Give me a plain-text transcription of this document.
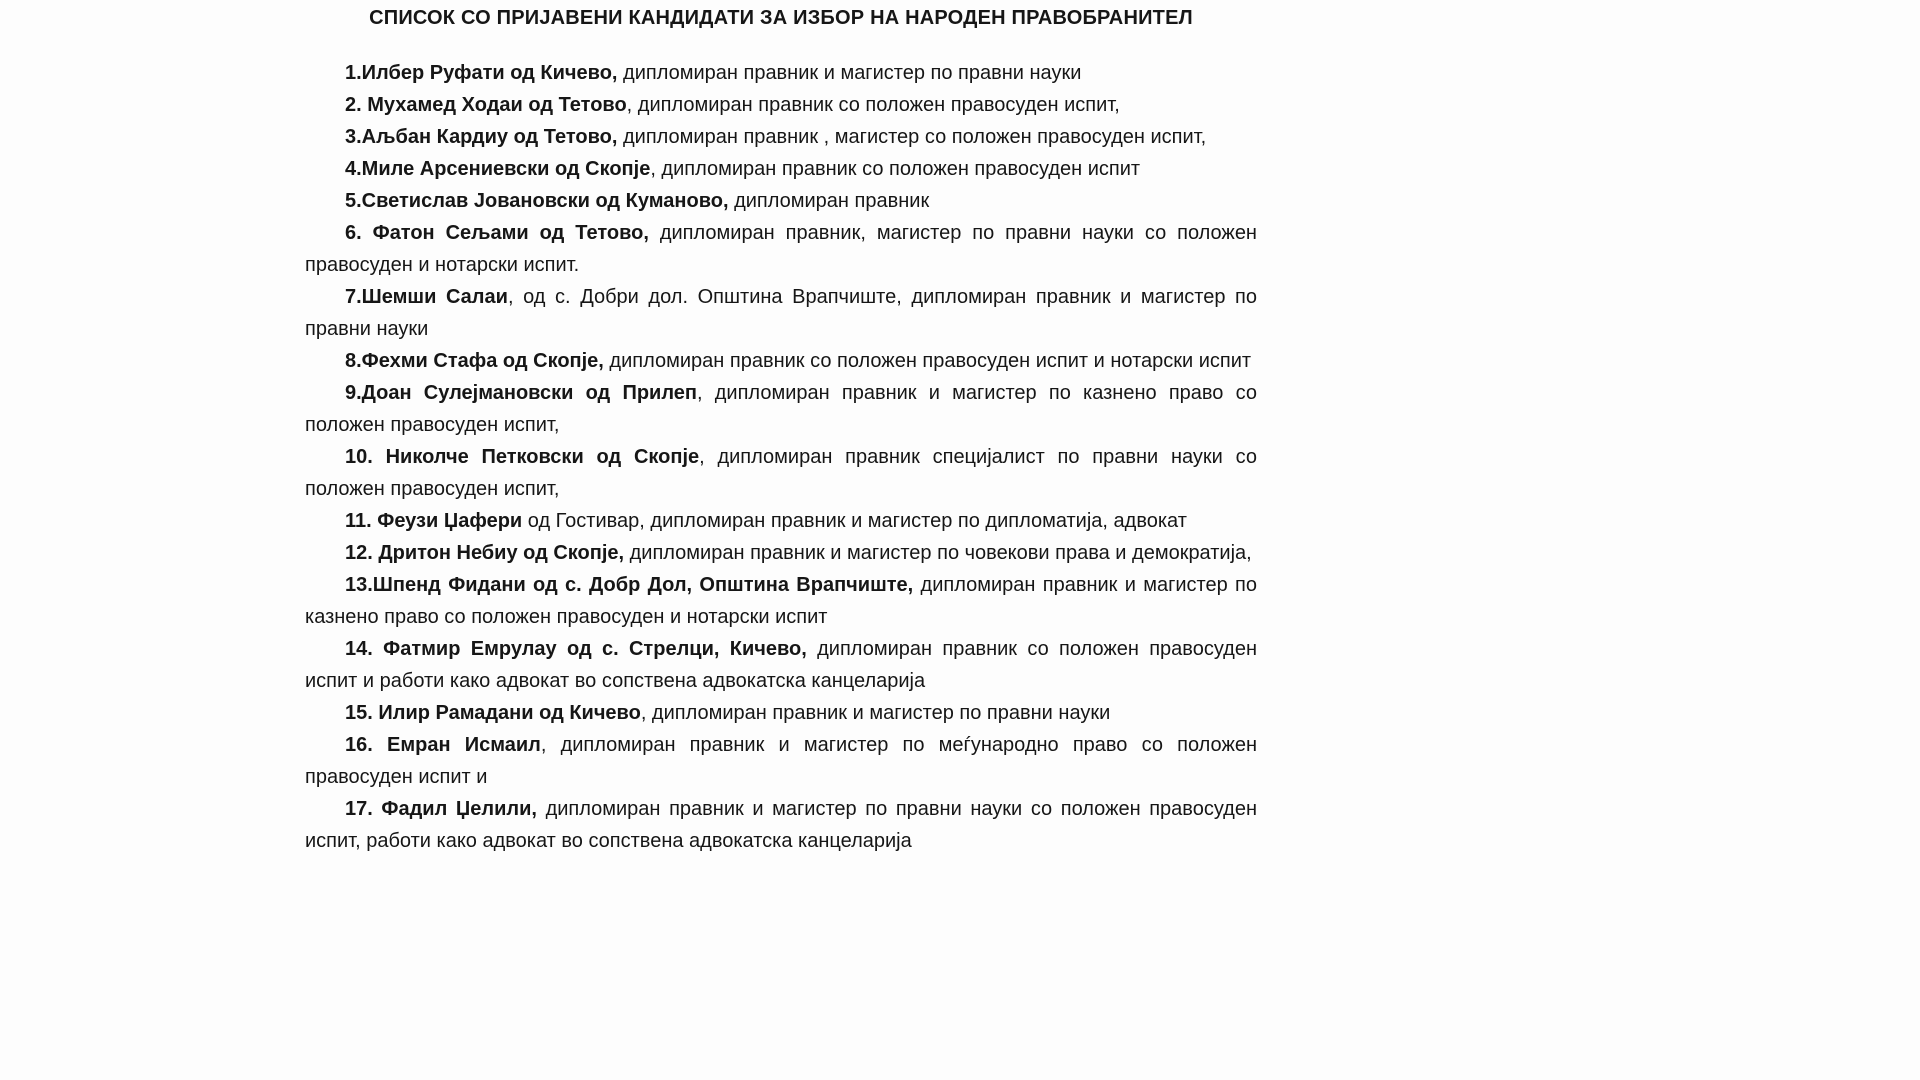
СПИСОК СО ПРИЈАВЕНИ КАНДИДАТИ ЗА ИЗБОР НА НАРОДЕН ПРАВОБРАНИТЕЛ

1.Илбер Руфати од Кичево, дипломиран правник и магистер по правни науки

2. Мухамед Ходаи од Тетово, дипломиран правник со положен правосуден испит,

3.Аљбан Кардиу од Тетово, дипломиран правник , магистер со положен правосуден испит,

4.Миле Арсениевски од Скопје, дипломиран правник со положен правосуден испит

5.Светислав Јовановски од Куманово, дипломиран правник

6. Фатон Сељами од Тетово, дипломиран правник, магистер по правни науки со положен правосуден и нотарски испит.

7.Шемши Салаи, од с. Добри дол. Општина Врапчиште, дипломиран правник и магистер по правни науки

8.Фехми Стафа од Скопје, дипломиран правник со положен правосуден испит и нотарски испит

9.Доан Сулејмановски од Прилеп, дипломиран правник и магистер по казнено право со положен правосуден испит,

10. Николче Петковски од Скопје, дипломиран правник специјалист по правни науки со положен правосуден испит,

11. Феузи Џафери од Гостивар, дипломиран правник и магистер по дипломатија, адвокат

12. Дритон Небиу од Скопје, дипломиран правник и магистер по човекови права и демократија,

13.Шпенд Фидани од с. Добр Дол, Општина Врапчиште, дипломиран правник и магистер по казнено право со положен правосуден и нотарски испит

14. Фатмир Емрулау од с. Стрелци, Кичево, дипломиран правник со положен правосуден испит и работи како адвокат во сопствена адвокатска канцеларија

15. Илир Рамадани од Кичево, дипломиран правник и магистер по правни науки

16. Емран Исмаил, дипломиран правник и магистер по меѓународно право со положен правосуден испит и

17. Фадил Џелили, дипломиран правник и магистер по правни науки со положен правосуден испит, работи како адвокат во сопствена адвокатска канцеларија
